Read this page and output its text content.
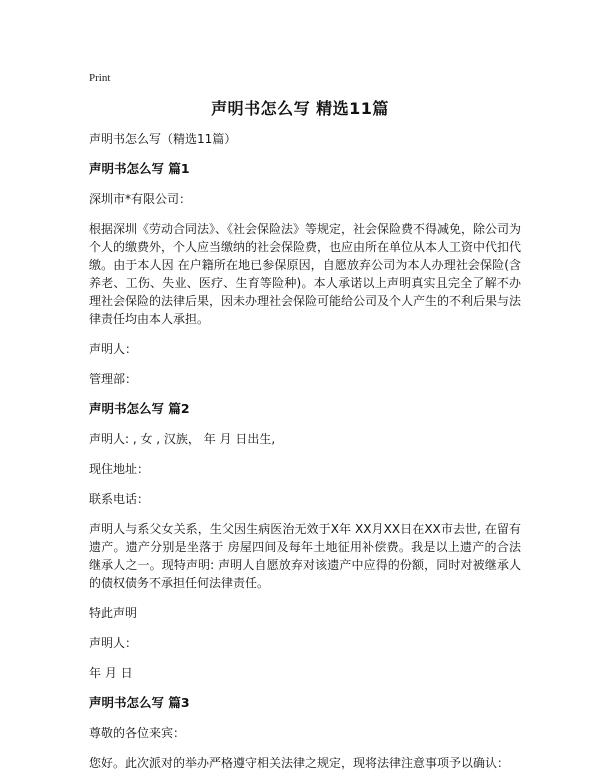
Print
声明书怎么写 精选11篇

声明书怎么写（精选11篇）

声明书怎么写 篇1

深圳市*有限公司：

根据深圳《劳动合同法》、《社会保险法》等规定，社会保险费不得减免，除公司为个人的缴费外，个人应当缴纳的社会保险费，也应由所在单位从本人工资中代扣代缴。由于本人因 在户籍所在地已参保原因，自愿放弃公司为本人办理社会保险(含养老、工伤、失业、医疗、生育等险种)。本人承诺以上声明真实且完全了解不办理社会保险的法律后果，因未办理社会保险可能给公司及个人产生的不利后果与法律责任均由本人承担。

声明人：

管理部：

声明书怎么写 篇2

声明人: , 女 , 汉族， 年 月 日出生,

现住地址：

联系电话：

声明人与系父女关系，生父因生病医治无效于X年 XX月XX日在XX市去世, 在留有遗产。遗产分别是坐落于 房屋四间及每年土地征用补偿费。我是以上遗产的合法继承人之一。现特声明: 声明人自愿放弃对该遗产中应得的份额，同时对被继承人的债权债务不承担任何法律责任。

特此声明

声明人：

年 月 日

声明书怎么写 篇3

尊敬的各位来宾：

您好。此次派对的举办严格遵守相关法律之规定，现将法律注意事项予以确认：
